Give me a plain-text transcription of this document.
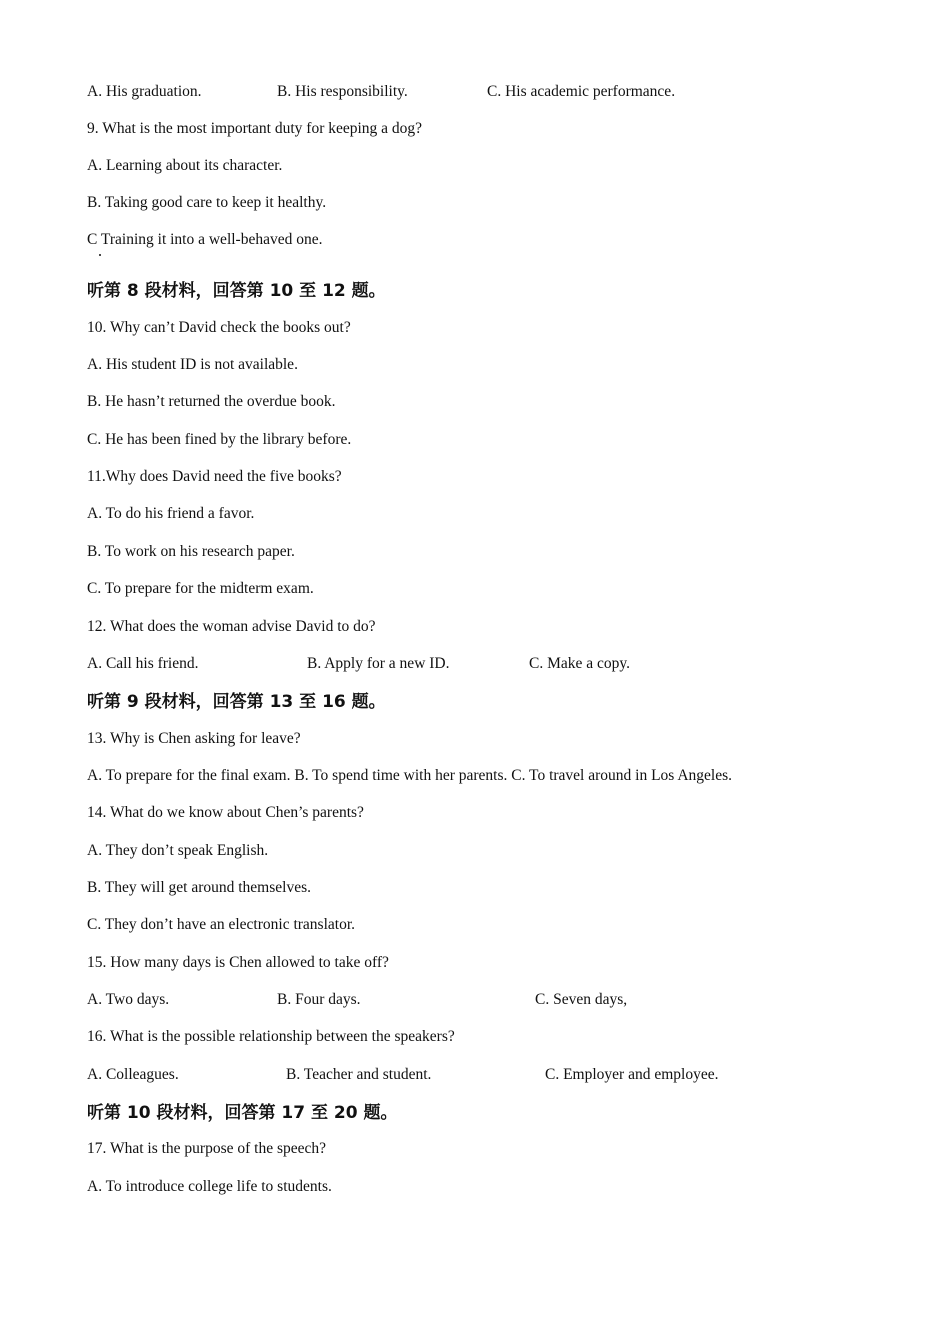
A. His graduation.	B. His responsibility.	C. His academic performance.
9. What is the most important duty for keeping a dog?
A. Learning about its character.
B. Taking good care to keep it healthy.
C Training it into a well-behaved one.
听第 8 段材料，回答第 10 至 12 题。
10. Why can’t David check the books out?
A. His student ID is not available.
B. He hasn’t returned the overdue book.
C. He has been fined by the library before.
11.Why does David need the five books?
A. To do his friend a favor.
B. To work on his research paper.
C. To prepare for the midterm exam.
12. What does the woman advise David to do?
A. Call his friend.	B. Apply for a new ID.	C. Make a copy.
听第 9 段材料，回答第 13 至 16 题。
13. Why is Chen asking for leave?
A. To prepare for the final exam. B. To spend time with her parents. C. To travel around in Los Angeles.
14. What do we know about Chen’s parents?
A. They don’t speak English.
B. They will get around themselves.
C. They don’t have an electronic translator.
15. How many days is Chen allowed to take off?
A. Two days.	B. Four days.	C. Seven days,
16. What is the possible relationship between the speakers?
A. Colleagues.	B. Teacher and student.	C. Employer and employee.
听第 10 段材料，回答第 17 至 20 题。
17. What is the purpose of the speech?
A. To introduce college life to students.
